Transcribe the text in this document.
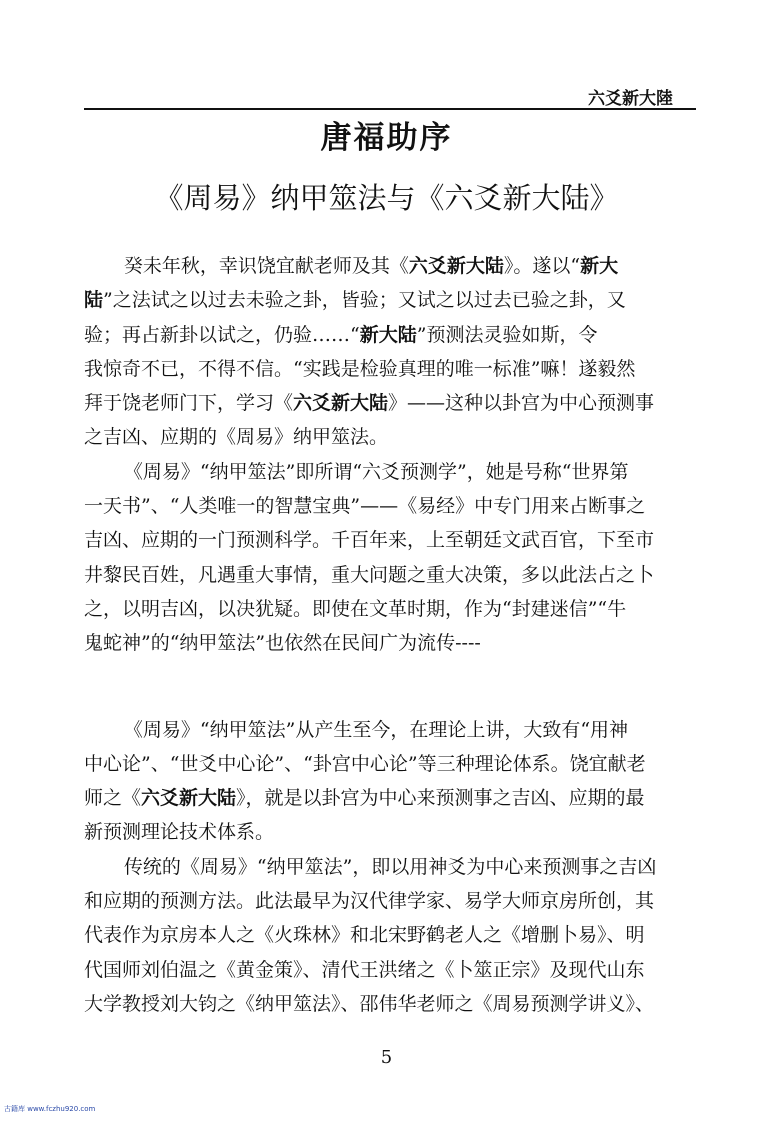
六爻新大陸
唐福助序
《周易》纳甲筮法与《六爻新大陆》
癸未年秋，幸识饶宜献老师及其《六爻新大陆》。遂以“新大
陆”之法试之以过去未验之卦，皆验；又试之以过去已验之卦，又
验；再占新卦以试之，仍验……“新大陆”预测法灵验如斯，令
我惊奇不已，不得不信。“实践是检验真理的唯一标准”嘛！遂毅然
拜于饶老师门下，学习《六爻新大陆》——这种以卦宫为中心预测事
之吉凶、应期的《周易》纳甲筮法。
《周易》“纳甲筮法”即所谓“六爻预测学”，她是号称“世界第
一天书”、“人类唯一的智慧宝典”——《易经》中专门用来占断事之
吉凶、应期的一门预测科学。千百年来，上至朝廷文武百官，下至市
井黎民百姓，凡遇重大事情，重大问题之重大决策，多以此法占之卜
之，以明吉凶，以决犹疑。即使在文革时期，作为“封建迷信”“牛
鬼蛇神”的“纳甲筮法”也依然在民间广为流传----
《周易》“纳甲筮法”从产生至今，在理论上讲，大致有“用神
中心论”、“世爻中心论”、“卦宫中心论”等三种理论体系。饶宜献老
师之《六爻新大陆》，就是以卦宫为中心来预测事之吉凶、应期的最
新预测理论技术体系。
传统的《周易》“纳甲筮法”，即以用神爻为中心来预测事之吉凶
和应期的预测方法。此法最早为汉代律学家、易学大师京房所创，其
代表作为京房本人之《火珠林》和北宋野鹤老人之《增删卜易》、明
代国师刘伯温之《黄金策》、清代王洪绪之《卜筮正宗》及现代山东
大学教授刘大钧之《纳甲筮法》、邵伟华老师之《周易预测学讲义》、
5
古籍库 www.fczhu920.com
